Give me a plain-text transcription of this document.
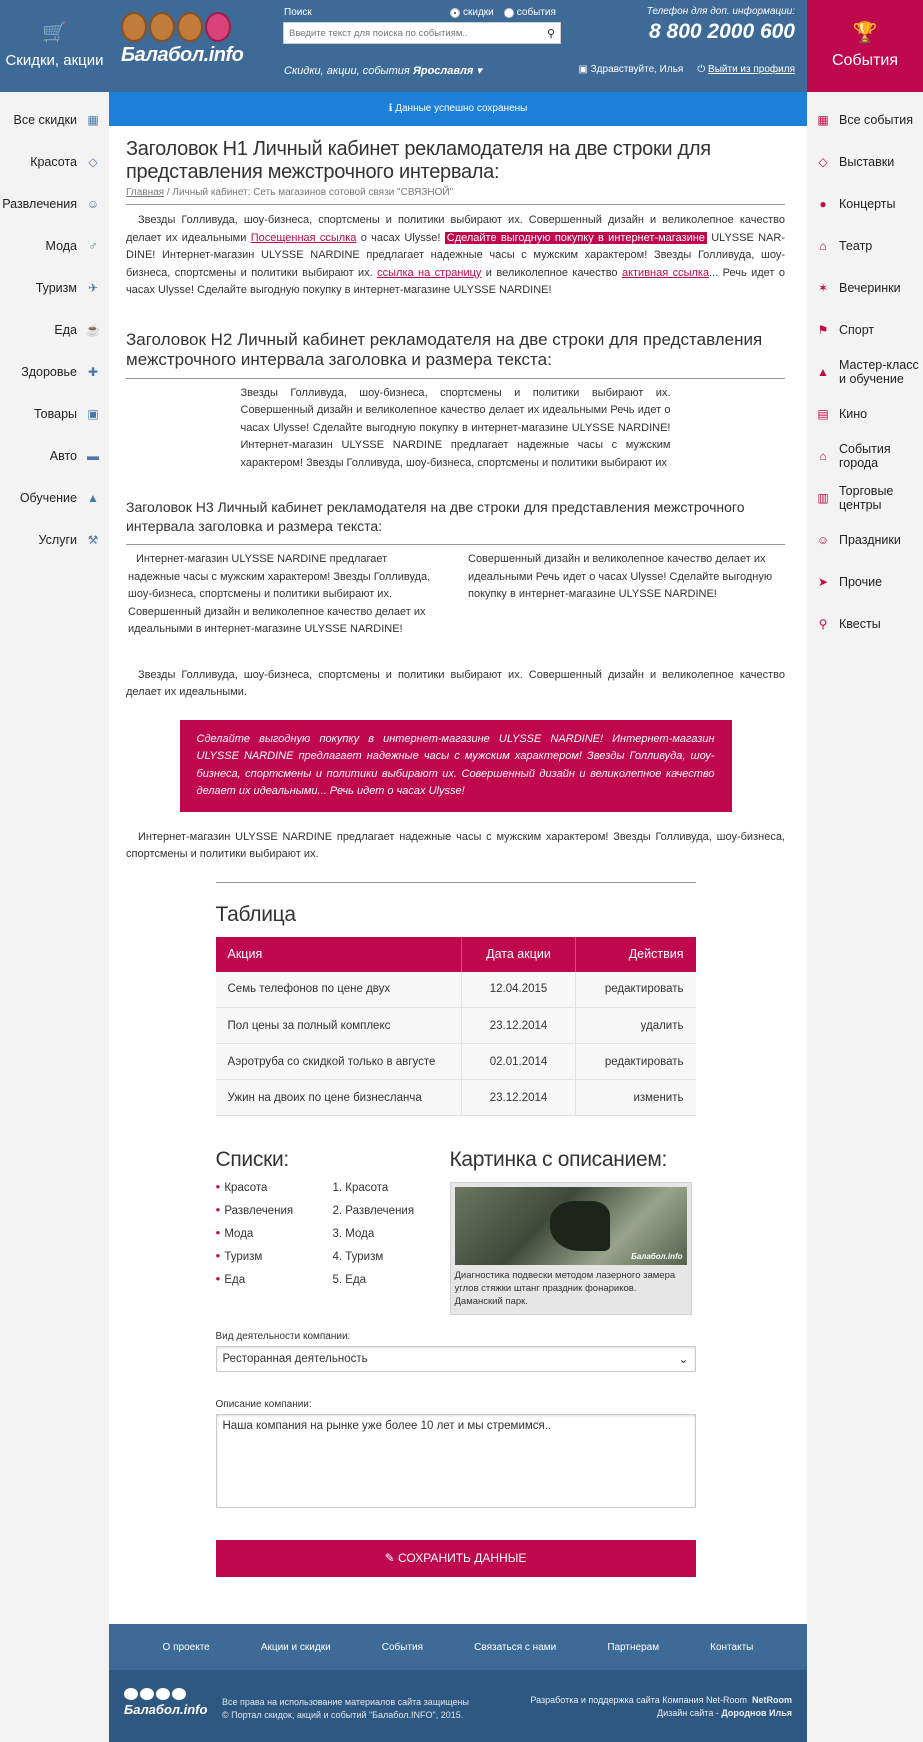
🛒
Скидки, акции
Все скидки ▦
Красота ◇
Развлечения ☺
Мода ♂
Туризм ✈
Еда ☕
Здоровье ✚
Товары ▣
Авто ▬
Обучение ▲
Услуги ⚒
Балабол.info
Поиск	скидки события
Введите текст для поиска по событиям..
⚲
Скидки, акции, события Ярославля ▾
Телефон для доп. информации:
8 800 2000 600
▣ Здравствуйте, Илья ⏻ Выйти из профиля
ℹ Данные успешно сохранены
Заголовок H1 Личный кабинет рекламодателя на две строки для представления межстрочного интервала:
Главная / Личный кабинет: Сеть магазинов сотовой связи "СВЯЗНОЙ"

Звезды Голливуда, шоу-бизнеса, спортсмены и политики выбирают их. Совершенный дизайн и великолепное качество делает их идеальными Посещенная ссылка о часах Ulysse! Сделайте выгодную покупку в интернет-магазине ULYSSE NAR-DINE! Интернет-магазин ULYSSE NARDINE предлагает надежные часы с мужским характером! Звезды Голливуда, шоу-бизнеса, спортсмены и политики выбирают их. ссылка на страницу и великолепное качество активная ссылка... Речь идет о часах Ulysse! Сделайте выгодную покупку в интернет-магазине ULYSSE NARDINE!

Заголовок H2 Личный кабинет рекламодателя на две строки для представления межстрочного интервала заголовка и размера текста:
Звезды Голливуда, шоу-бизнеса, спортсмены и политики выбирают их. Совершенный дизайн и великолепное качество делает их идеальными Речь идет о часах Ulysse! Сделайте выгодную покупку в интернет-магазине ULYSSE NARDINE! Интернет-магазин ULYSSE NARDINE предлагает надежные часы с мужским характером! Звезды Голливуда, шоу-бизнеса, спортсмены и политики выбирают их
Заголовок H3 Личный кабинет рекламодателя на две строки для представления межстрочного интервала заголовка и размера текста:
Интернет-магазин ULYSSE NARDINE предлагает надежные часы с мужским характером! Звезды Голливуда, шоу-бизнеса, спортсмены и политики выбирают их. Совершенный дизайн и великолепное качество делает их идеальными в интернет-магазине ULYSSE NARDINE!
Совершенный дизайн и великолепное качество делает их идеальными Речь идет о часах Ulysse! Сделайте выгодную покупку в интернет-магазине ULYSSE NARDINE!

Звезды Голливуда, шоу-бизнеса, спортсмены и политики выбирают их. Совершенный дизайн и великолепное качество делает их идеальными.

Сделайте выгодную покупку в интернет-магазине ULYSSE NARDINE! Интернет-магазин ULYSSE NARDINE предлагает надежные часы с мужским характером! Звезды Голливуда, шоу-бизнеса, спортсмены и политики выбирают их. Совершенный дизайн и великолепное качество делает их идеальными... Речь идет о часах Ulysse!

Интернет-магазин ULYSSE NARDINE предлагает надежные часы с мужским характером! Звезды Голливуда, шоу-бизнеса, спортсмены и политики выбирают их.

Таблица
Акция	Дата акции	Действия
Семь телефонов по цене двух	12.04.2015	редактировать
Пол цены за полный комплекс	23.12.2014	удалить
Аэротруба со скидкой только в августе	02.01.2014	редактировать
Ужин на двоих по цене бизнесланча	23.12.2014	изменить
Списки:
● Красота
● Развлечения
● Мода
● Туризм
● Еда
1. Красота
2. Развлечения
3. Мода
4. Туризм
5. Еда
Картинка с описанием:
Балабол.info
Диагностика подвески методом лазерного замера углов стяжки штанг праздник фонариков. Даманский парк.
Вид деятельности компании:
Ресторанная деятельность	⌄
Описание компании:
Наша компания на рынке уже более 10 лет и мы стремимся..
✎ СОХРАНИТЬ ДАННЫЕ
О проекте	Акции и скидки	События	Связаться с нами	Партнерам	Контакты
Балабол.info Все права на использование материалов сайта защищены
© Портал скидок, акций и событий "Балабол.INFO", 2015.
Разработка и поддержка сайта Компания Net-Room NetRoom
Дизайн сайта - Дорoднов Илья
🏆
События
▦ Все события
◇ Выставки
● Концерты
⌂ Театр
✶ Вечеринки
⚑ Спорт
▲ Мастер-класс и обучение
▤ Кино
⌂ События города
▥ Торговые центры
☺ Праздники
➤ Прочие
⚲ Квесты
